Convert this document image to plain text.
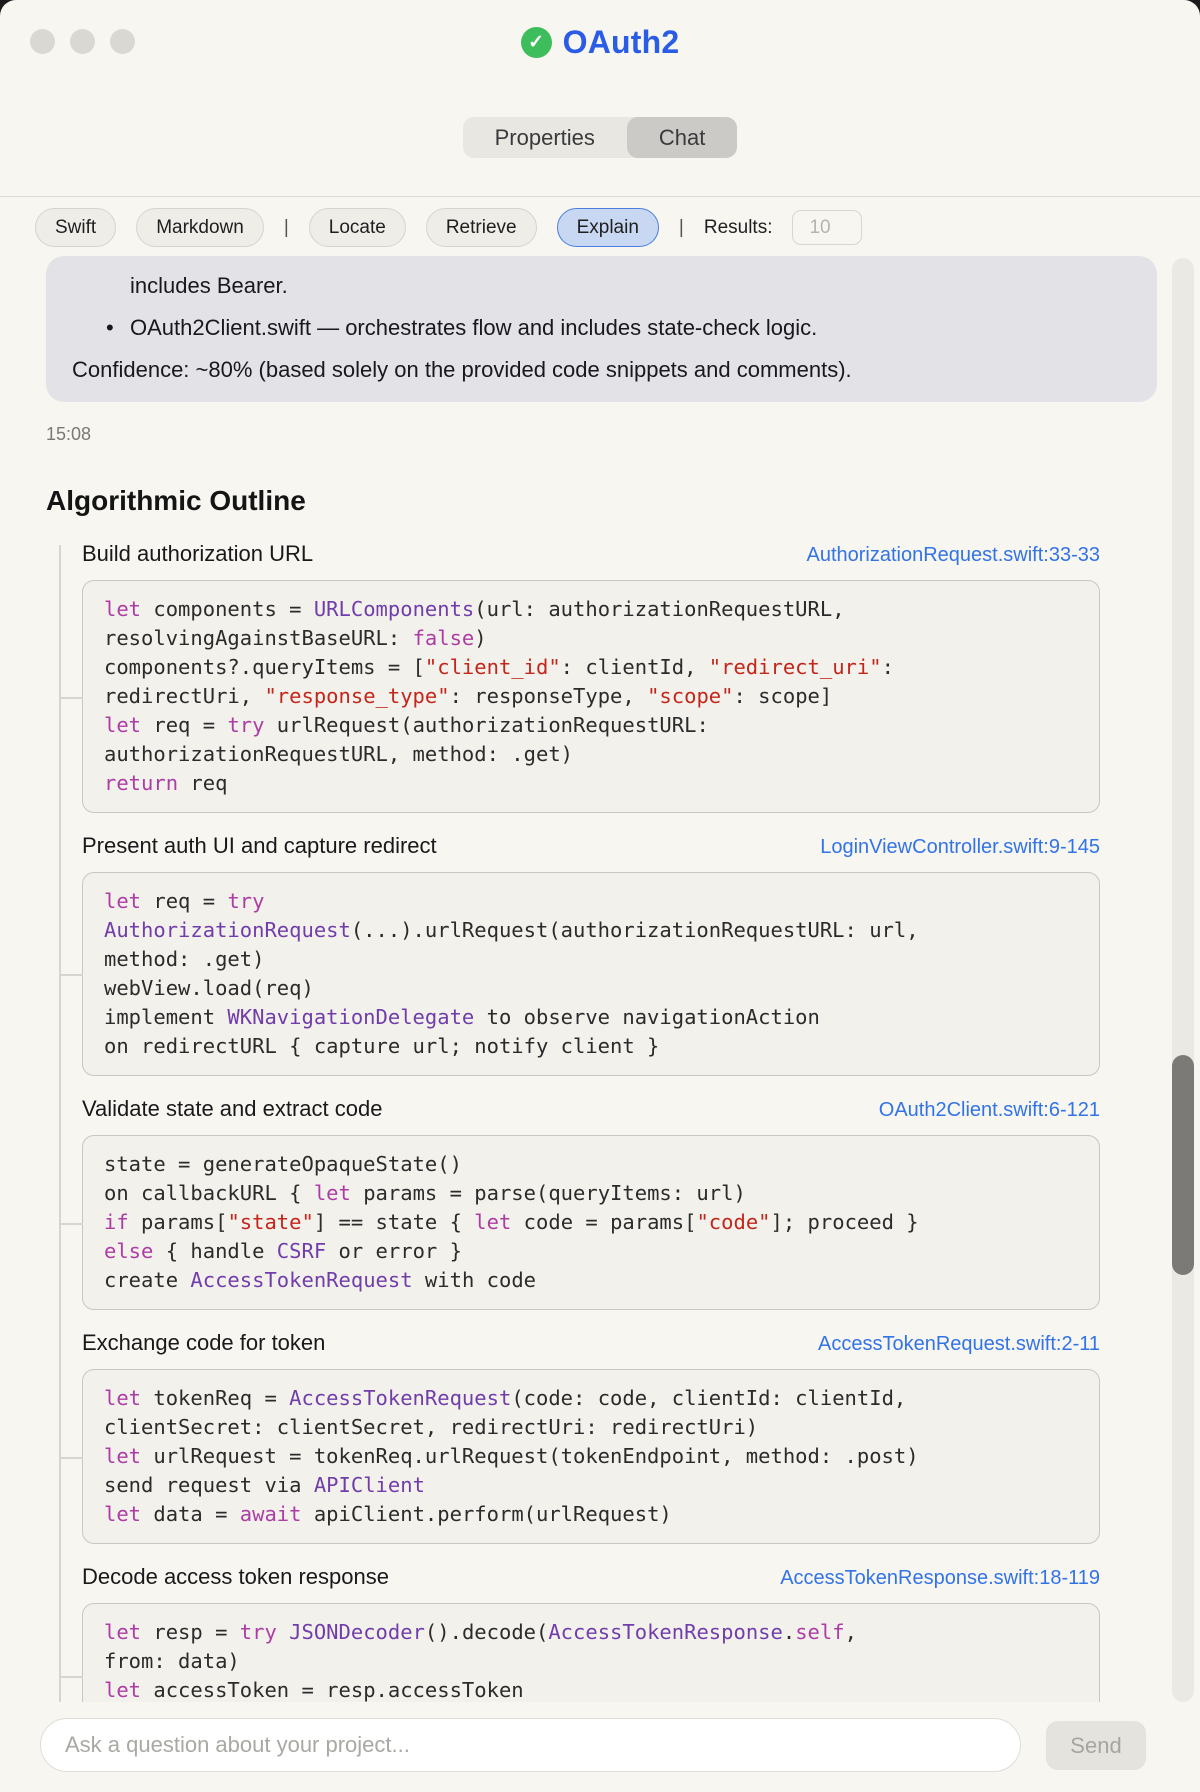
✓ OAuth2
Properties	Chat
Swift	Markdown	|	Locate	Retrieve	Explain	| Results:
10
includes Bearer.
• OAuth2Client.swift — orchestrates flow and includes state-check logic.
Confidence: ~80% (based solely on the provided code snippets and comments).
15:08
Algorithmic Outline
Build authorization URL	AuthorizationRequest.swift:33-33
let components = URLComponents(url: authorizationRequestURL,
resolvingAgainstBaseURL: false)
components?.queryItems = ["client_id": clientId, "redirect_uri":
redirectUri, "response_type": responseType, "scope": scope]
let req = try urlRequest(authorizationRequestURL:
authorizationRequestURL, method: .get)
return req
Present auth UI and capture redirect	LoginViewController.swift:9-145
let req = try
AuthorizationRequest(...).urlRequest(authorizationRequestURL: url,
method: .get)
webView.load(req)
implement WKNavigationDelegate to observe navigationAction
on redirectURL { capture url; notify client }
Validate state and extract code	OAuth2Client.swift:6-121
state = generateOpaqueState()
on callbackURL { let params = parse(queryItems: url)
if params["state"] == state { let code = params["code"]; proceed }
else { handle CSRF or error }
create AccessTokenRequest with code
Exchange code for token	AccessTokenRequest.swift:2-11
let tokenReq = AccessTokenRequest(code: code, clientId: clientId,
clientSecret: clientSecret, redirectUri: redirectUri)
let urlRequest = tokenReq.urlRequest(tokenEndpoint, method: .post)
send request via APIClient
let data = await apiClient.perform(urlRequest)
Decode access token response	AccessTokenResponse.swift:18-119
let resp = try JSONDecoder().decode(AccessTokenResponse.self,
from: data)
let accessToken = resp.accessToken
Ask a question about your project...
Send
